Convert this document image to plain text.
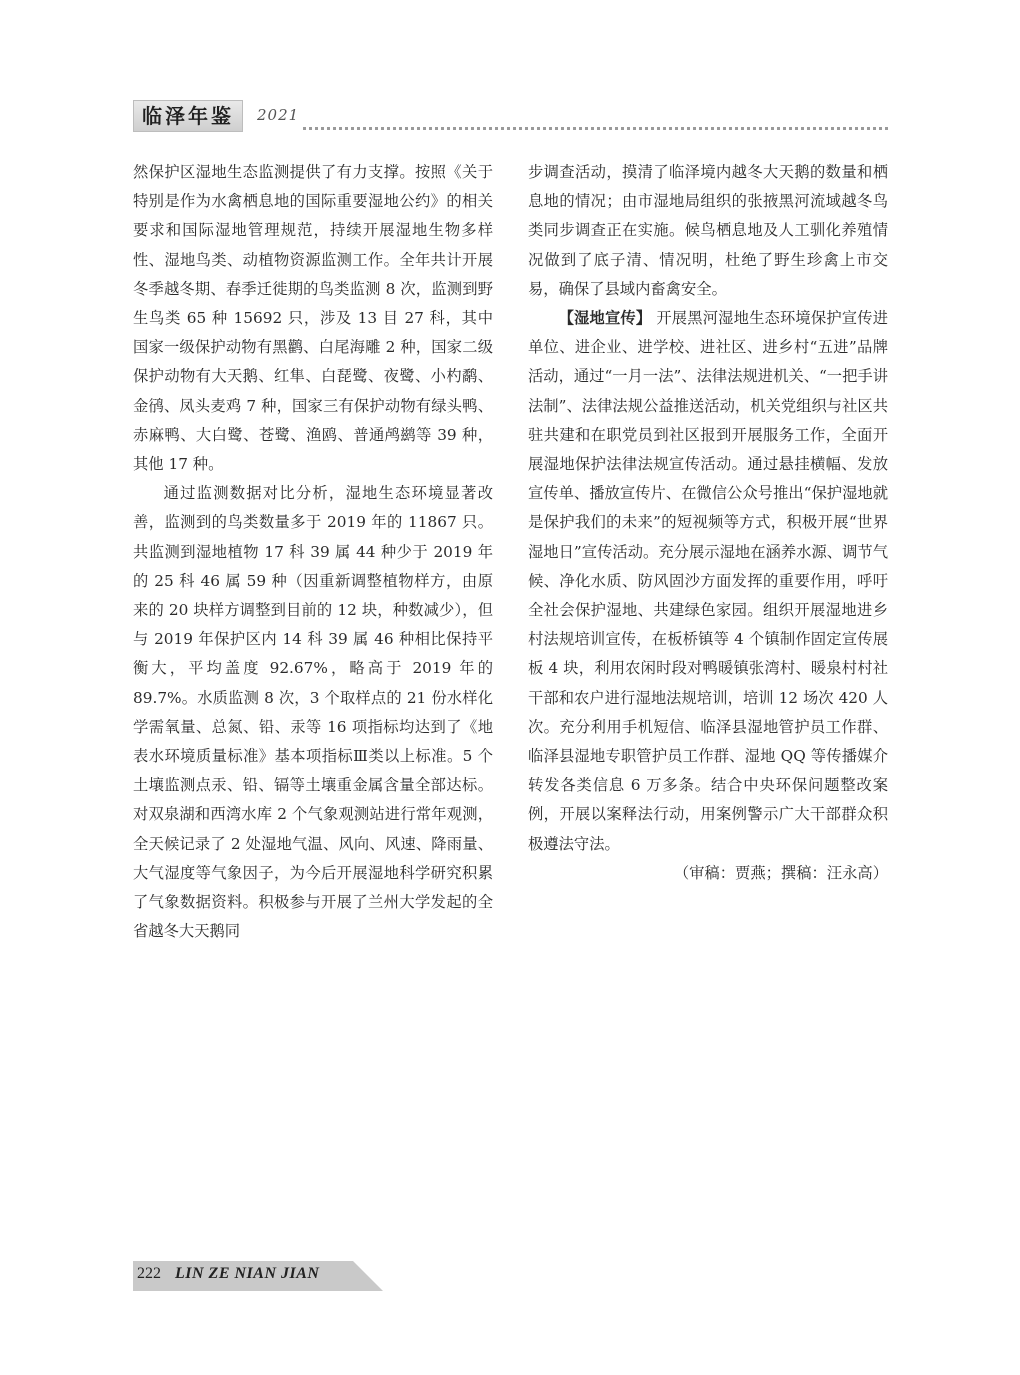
临泽年鉴	2021

然保护区湿地生态监测提供了有力支撑。按照《关于特别是作为水禽栖息地的国际重要湿地公约》的相关要求和国际湿地管理规范，持续开展湿地生物多样性、湿地鸟类、动植物资源监测工作。全年共计开展冬季越冬期、春季迁徙期的鸟类监测 8 次，监测到野生鸟类 65 种 15692 只，涉及 13 目 27 科，其中国家一级保护动物有黑鹳、白尾海雕 2 种，国家二级保护动物有大天鹅、红隼、白琵鹭、夜鹭、小杓鹬、金鸻、凤头麦鸡 7 种，国家三有保护动物有绿头鸭、赤麻鸭、大白鹭、苍鹭、渔鸥、普通鸬鹚等 39 种，其他 17 种。

通过监测数据对比分析，湿地生态环境显著改善，监测到的鸟类数量多于 2019 年的 11867 只。共监测到湿地植物 17 科 39 属 44 种少于 2019 年的 25 科 46 属 59 种（因重新调整植物样方，由原来的 20 块样方调整到目前的 12 块，种数减少），但与 2019 年保护区内 14 科 39 属 46 种相比保持平衡大，平均盖度 92.67%，略高于 2019 年的 89.7%。水质监测 8 次，3 个取样点的 21 份水样化学需氧量、总氮、铅、汞等 16 项指标均达到了《地表水环境质量标准》基本项指标Ⅲ类以上标准。5 个土壤监测点汞、铅、镉等土壤重金属含量全部达标。对双泉湖和西湾水库 2 个气象观测站进行常年观测，全天候记录了 2 处湿地气温、风向、风速、降雨量、大气湿度等气象因子，为今后开展湿地科学研究积累了气象数据资料。积极参与开展了兰州大学发起的全省越冬大天鹅同

步调查活动，摸清了临泽境内越冬大天鹅的数量和栖息地的情况；由市湿地局组织的张掖黑河流域越冬鸟类同步调查正在实施。候鸟栖息地及人工驯化养殖情况做到了底子清、情况明，杜绝了野生珍禽上市交易，确保了县域内畜禽安全。

【湿地宣传】 开展黑河湿地生态环境保护宣传进单位、进企业、进学校、进社区、进乡村“五进”品牌活动，通过“一月一法”、法律法规进机关、“一把手讲法制”、法律法规公益推送活动，机关党组织与社区共驻共建和在职党员到社区报到开展服务工作，全面开展湿地保护法律法规宣传活动。通过悬挂横幅、发放宣传单、播放宣传片、在微信公众号推出“保护湿地就是保护我们的未来”的短视频等方式，积极开展“世界湿地日”宣传活动。充分展示湿地在涵养水源、调节气候、净化水质、防风固沙方面发挥的重要作用，呼吁全社会保护湿地、共建绿色家园。组织开展湿地进乡村法规培训宣传，在板桥镇等 4 个镇制作固定宣传展板 4 块，利用农闲时段对鸭暖镇张湾村、暖泉村村社干部和农户进行湿地法规培训，培训 12 场次 420 人次。充分利用手机短信、临泽县湿地管护员工作群、临泽县湿地专职管护员工作群、湿地 QQ 等传播媒介转发各类信息 6 万多条。结合中央环保问题整改案例，开展以案释法行动，用案例警示广大干部群众积极遵法守法。

（审稿：贾燕；撰稿：汪永高）

222 LIN ZE NIAN JIAN
